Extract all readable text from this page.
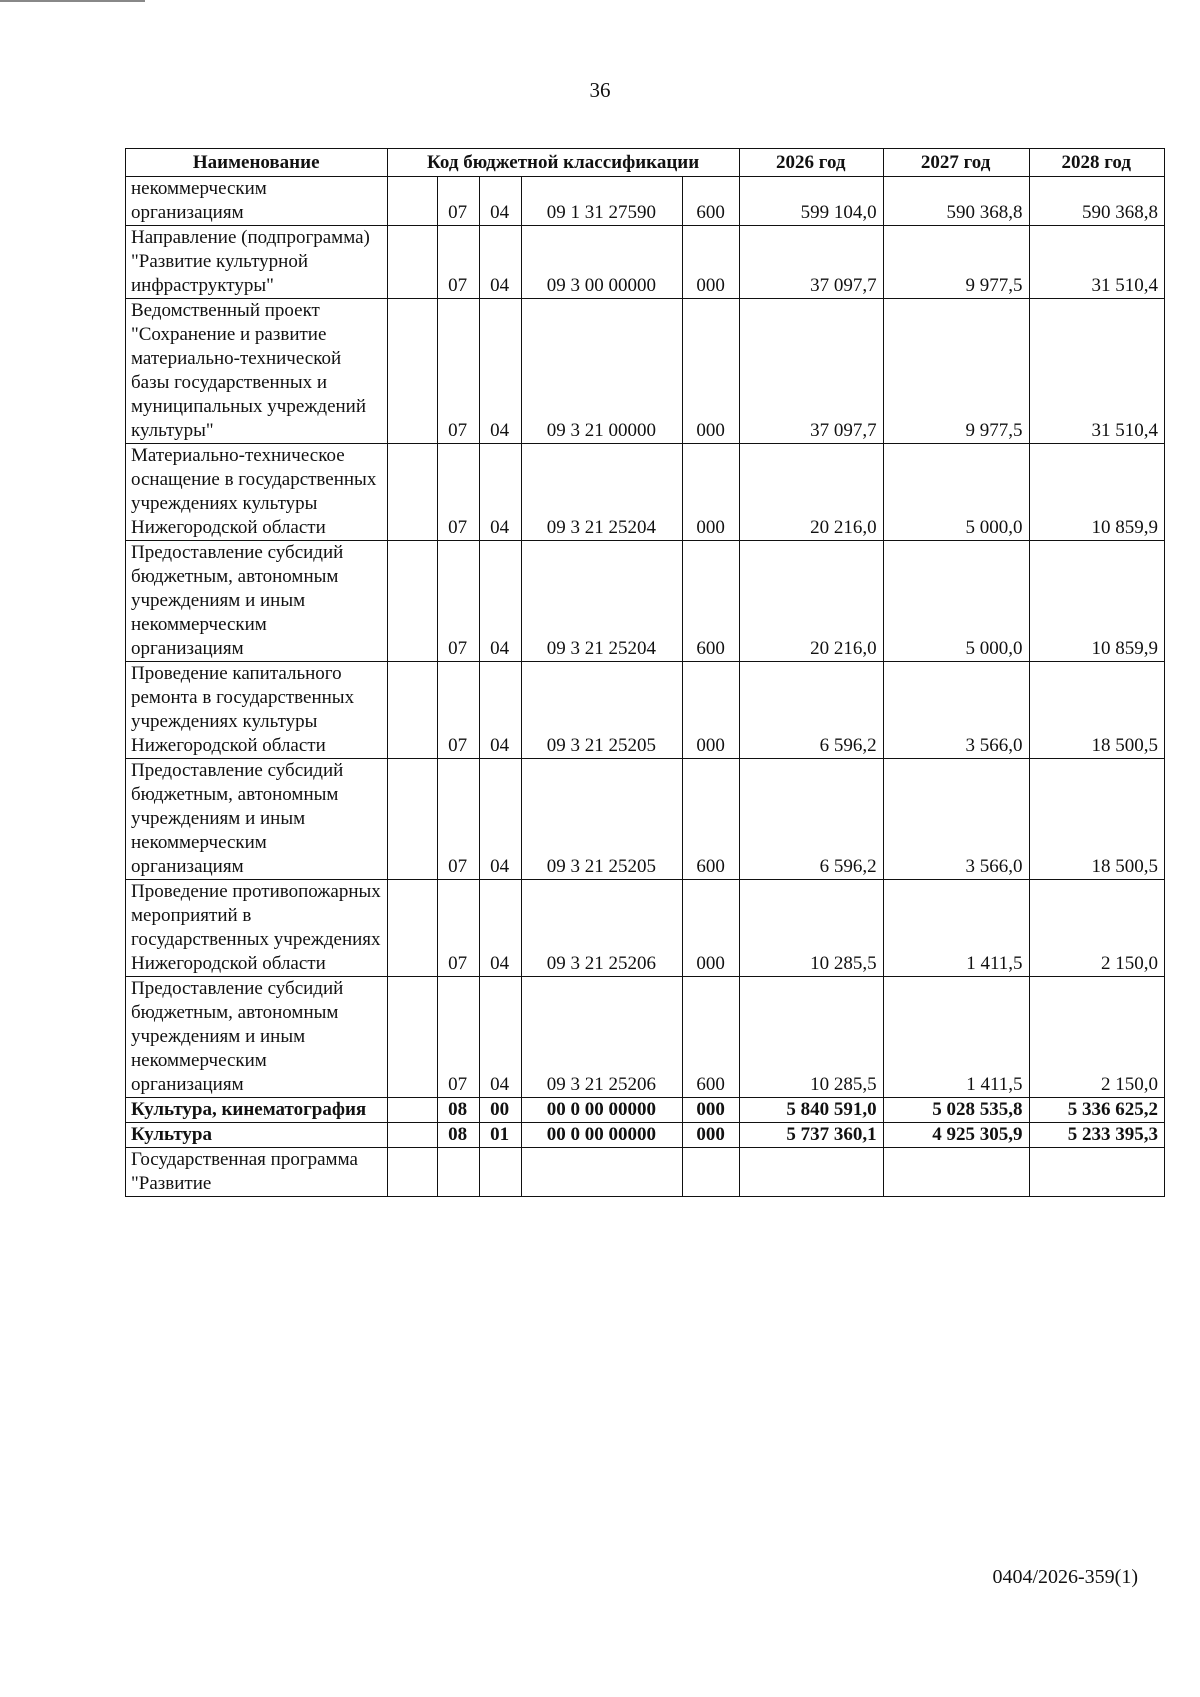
36
Наименование	Код бюджетной классификации					2026 год	2027 год	2028 год
некоммерческим организациям		07	04	09 1 31 27590	600	599 104,0	590 368,8	590 368,8
Направление (подпрограмма) "Развитие культурной инфраструктуры"		07	04	09 3 00 00000	000	37 097,7	9 977,5	31 510,4
Ведомственный проект "Сохранение и развитие материально-технической базы государственных и муниципальных учреждений культуры"		07	04	09 3 21 00000	000	37 097,7	9 977,5	31 510,4
Материально-техническое оснащение в государственных учреждениях культуры Нижегородской области		07	04	09 3 21 25204	000	20 216,0	5 000,0	10 859,9
Предоставление субсидий бюджетным, автономным учреждениям и иным некоммерческим организациям		07	04	09 3 21 25204	600	20 216,0	5 000,0	10 859,9
Проведение капитального ремонта в государственных учреждениях культуры Нижегородской области		07	04	09 3 21 25205	000	6 596,2	3 566,0	18 500,5
Предоставление субсидий бюджетным, автономным учреждениям и иным некоммерческим организациям		07	04	09 3 21 25205	600	6 596,2	3 566,0	18 500,5
Проведение противопожарных мероприятий в государственных учреждениях Нижегородской области		07	04	09 3 21 25206	000	10 285,5	1 411,5	2 150,0
Предоставление субсидий бюджетным, автономным учреждениям и иным некоммерческим организациям		07	04	09 3 21 25206	600	10 285,5	1 411,5	2 150,0
Культура, кинематография		08	00	00 0 00 00000	000	5 840 591,0	5 028 535,8	5 336 625,2
Культура		08	01	00 0 00 00000	000	5 737 360,1	4 925 305,9	5 233 395,3
Государственная программа "Развитие								
0404/2026-359(1)
